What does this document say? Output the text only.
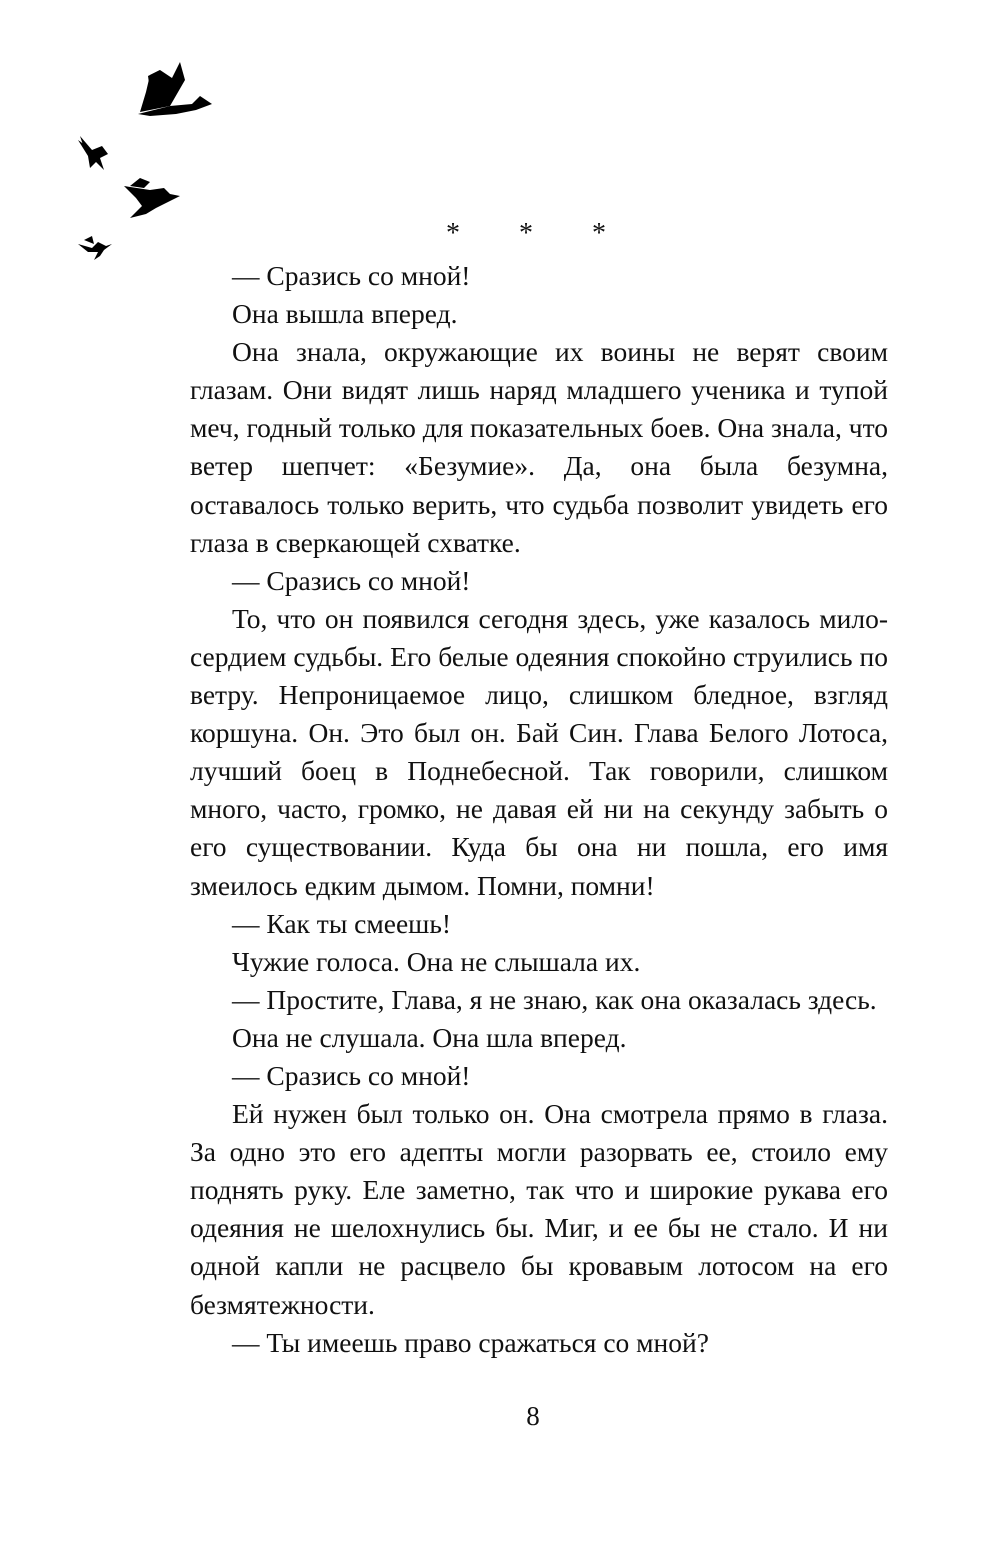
* * *

— Сразись со мной!

Она вышла вперед.

Она знала, окружающие их воины не верят своим глазам. Они видят лишь наряд младшего ученика и тупой меч, годный только для показательных боев. Она знала, что ветер шепчет: «Безумие». Да, она была безумна, оставалось только верить, что судьба позволит увидеть его глаза в сверкающей схватке.

— Сразись со мной!

То, что он появился сегодня здесь, уже казалось милосердием судьбы. Его белые одеяния спокойно струились по ветру. Непроницаемое лицо, слишком бледное, взгляд коршуна. Он. Это был он. Бай Син. Глава Белого Лотоса, лучший боец в Поднебесной. Так говорили, слишком много, часто, громко, не давая ей ни на секунду забыть о его существовании. Куда бы она ни пошла, его имя змеилось едким дымом. Помни, помни!

— Как ты смеешь!

Чужие голоса. Она не слышала их.

— Простите, Глава, я не знаю, как она оказалась здесь.

Она не слушала. Она шла вперед.

— Сразись со мной!

Ей нужен был только он. Она смотрела прямо в глаза. За одно это его адепты могли разорвать ее, стоило ему поднять руку. Еле заметно, так что и широкие рукава его одеяния не шелохнулись бы. Миг, и ее бы не стало. И ни одной капли не расцвело бы кровавым лотосом на его безмятежности.

— Ты имеешь право сражаться со мной?

8
